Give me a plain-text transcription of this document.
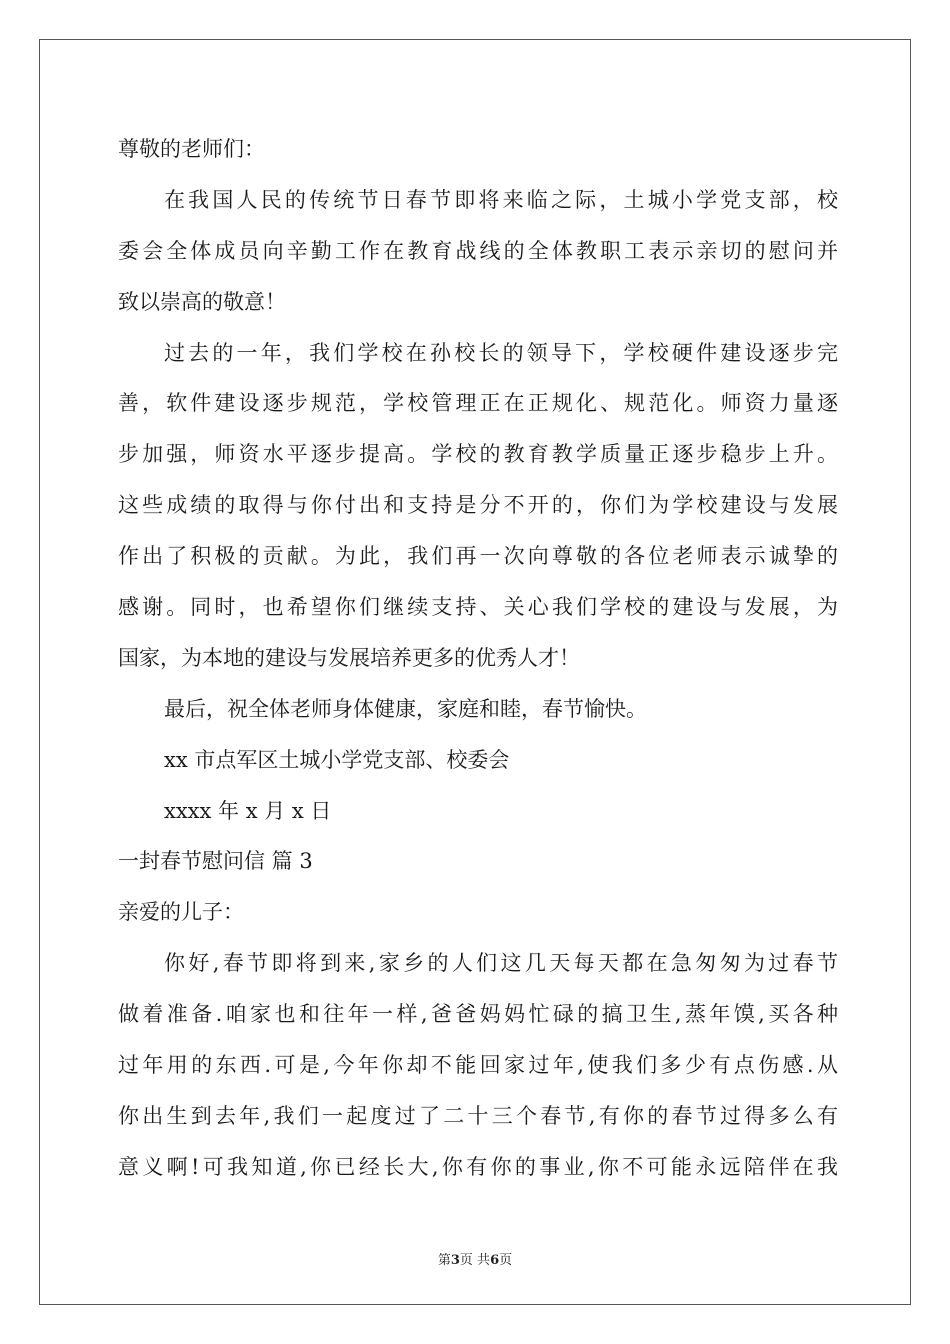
尊敬的老师们：
在我国人民的传统节日春节即将来临之际，土城小学党支部，校
委会全体成员向辛勤工作在教育战线的全体教职工表示亲切的慰问并
致以崇高的敬意！
过去的一年，我们学校在孙校长的领导下，学校硬件建设逐步完
善，软件建设逐步规范，学校管理正在正规化、规范化。师资力量逐
步加强，师资水平逐步提高。学校的教育教学质量正逐步稳步上升。
这些成绩的取得与你付出和支持是分不开的，你们为学校建设与发展
作出了积极的贡献。为此，我们再一次向尊敬的各位老师表示诚挚的
感谢。同时，也希望你们继续支持、关心我们学校的建设与发展，为
国家，为本地的建设与发展培养更多的优秀人才！
最后，祝全体老师身体健康，家庭和睦，春节愉快。
xx 市点军区土城小学党支部、校委会
xxxx 年 x 月 x 日
一封春节慰问信 篇 3
亲爱的儿子：
你好,春节即将到来,家乡的人们这几天每天都在急匆匆为过春节
做着准备.咱家也和往年一样,爸爸妈妈忙碌的搞卫生,蒸年馍,买各种
过年用的东西.可是,今年你却不能回家过年,使我们多少有点伤感.从
你出生到去年,我们一起度过了二十三个春节,有你的春节过得多么有
意义啊!可我知道,你已经长大,你有你的事业,你不可能永远陪伴在我
第3页 共6页
